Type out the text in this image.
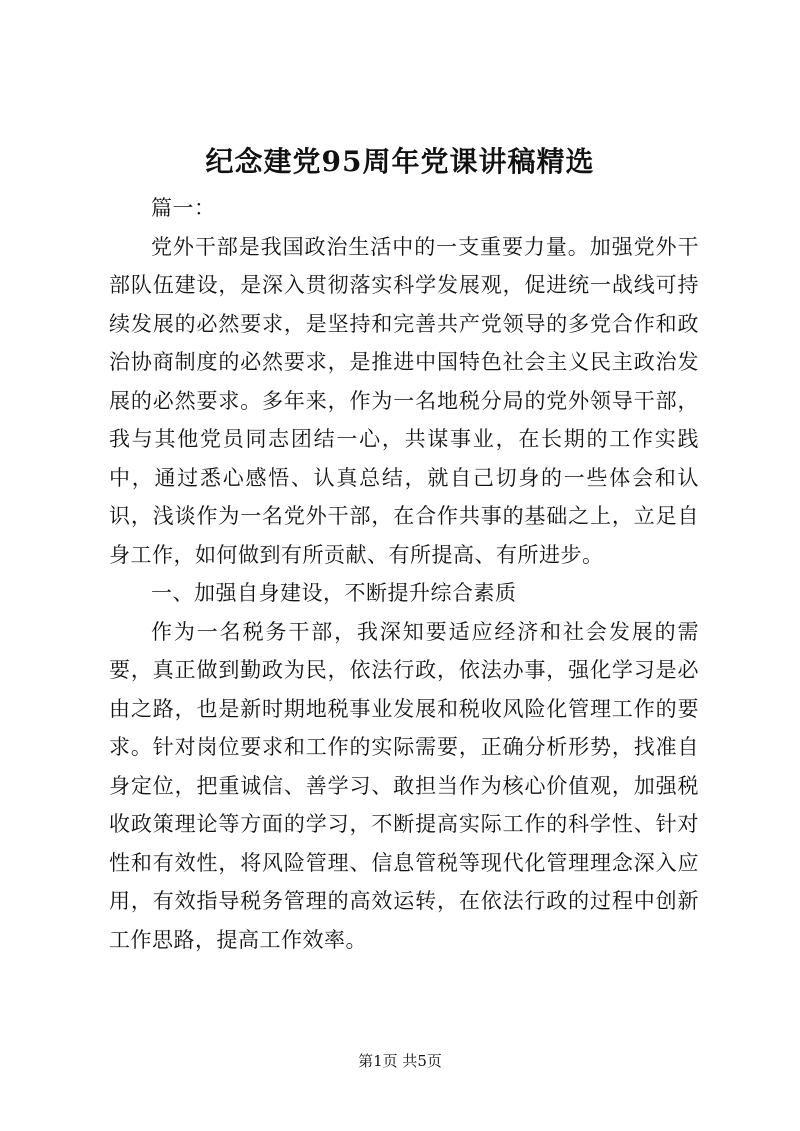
纪念建党95周年党课讲稿精选

篇一：

党外干部是我国政治生活中的一支重要力量。加强党外干部队伍建设，是深入贯彻落实科学发展观，促进统一战线可持续发展的必然要求，是坚持和完善共产党领导的多党合作和政治协商制度的必然要求，是推进中国特色社会主义民主政治发展的必然要求。多年来，作为一名地税分局的党外领导干部，我与其他党员同志团结一心，共谋事业，在长期的工作实践中，通过悉心感悟、认真总结，就自己切身的一些体会和认识，浅谈作为一名党外干部，在合作共事的基础之上，立足自身工作，如何做到有所贡献、有所提高、有所进步。

一、加强自身建设，不断提升综合素质

作为一名税务干部，我深知要适应经济和社会发展的需要，真正做到勤政为民，依法行政，依法办事，强化学习是必由之路，也是新时期地税事业发展和税收风险化管理工作的要求。针对岗位要求和工作的实际需要，正确分析形势，找准自身定位，把重诚信、善学习、敢担当作为核心价值观，加强税收政策理论等方面的学习，不断提高实际工作的科学性、针对性和有效性，将风险管理、信息管税等现代化管理理念深入应用，有效指导税务管理的高效运转，在依法行政的过程中创新工作思路，提高工作效率。

第1页 共5页
